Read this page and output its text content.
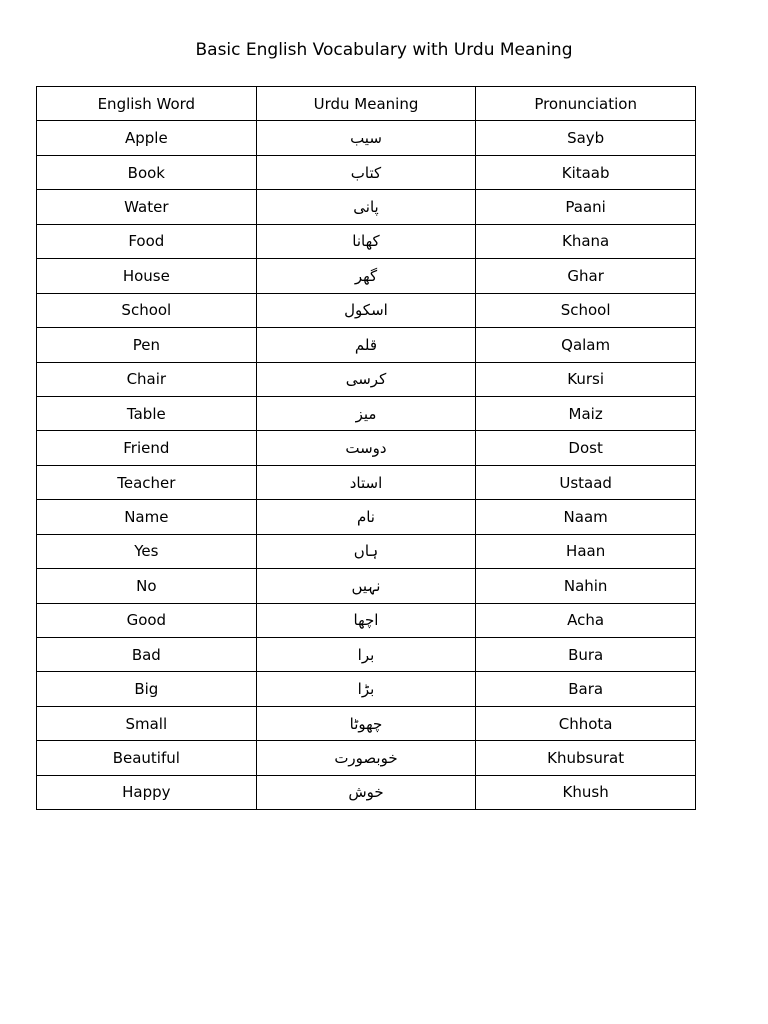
Basic English Vocabulary with Urdu Meaning
English Word	Urdu Meaning	Pronunciation
Apple	سیب	Sayb
Book	کتاب	Kitaab
Water	پانی	Paani
Food	کھانا	Khana
House	گھر	Ghar
School	اسکول	School
Pen	قلم	Qalam
Chair	کرسی	Kursi
Table	میز	Maiz
Friend	دوست	Dost
Teacher	استاد	Ustaad
Name	نام	Naam
Yes	ہاں	Haan
No	نہیں	Nahin
Good	اچھا	Acha
Bad	برا	Bura
Big	بڑا	Bara
Small	چھوٹا	Chhota
Beautiful	خوبصورت	Khubsurat
Happy	خوش	Khush
